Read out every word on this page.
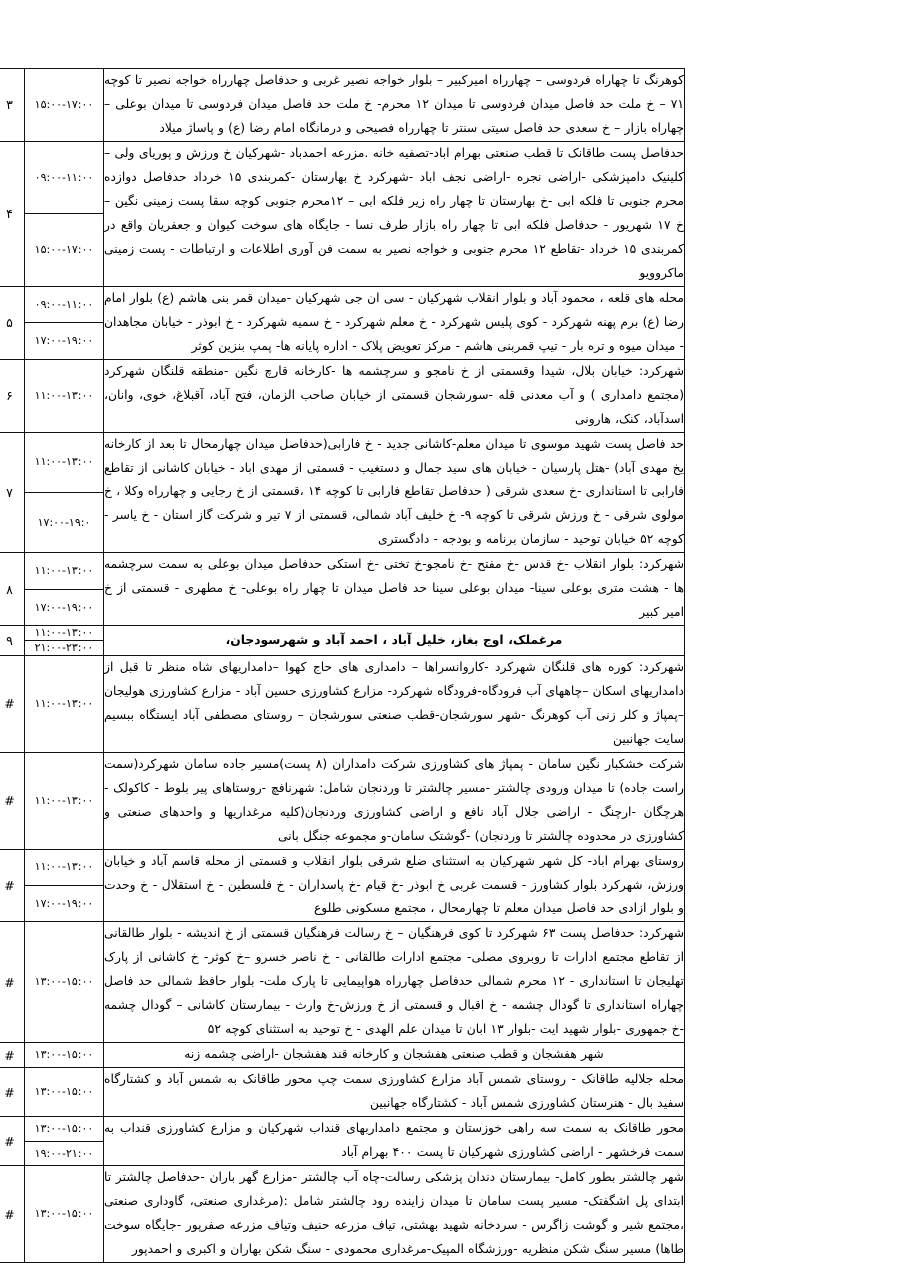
کوهرنگ تا چهاراه فردوسی – چهارراه امیرکبیر – بلوار خواجه نصیر غربی و حدفاصل چهارراه خواجه نصیر تا کوچه ۷۱ – خ ملت حد فاصل میدان فردوسی تا میدان ۱۲ محرم- خ ملت حد فاصل میدان فردوسی تا میدان بوعلی – چهاراه بازار – خ سعدی حد فاصل سیتی سنتر تا چهارراه فصیحی و درمانگاه امام رضا (ع) و پاساژ میلاد	۱۵:۰۰-۱۷:۰۰	۳
حدفاصل پست طاقانک تا قطب صنعتی بهرام اباد-تصفیه خانه .مزرعه احمدباد -شهرکیان خ ورزش و پوریای ولی – کلینیک دامپزشکی -اراضی نجره -اراضی نجف اباد -شهرکرد خ بهارستان -کمربندی ۱۵ خرداد حدفاصل دوازده محرم جنوبی تا فلکه ابی -خ بهارستان تا چهار راه زیر فلکه ابی – ۱۲محرم جنوبی کوچه سقا پست زمینی نگین – خ ۱۷ شهریور - حدفاصل فلکه ابی تا چهار راه بازار طرف نسا - جایگاه های سوخت کیوان و جعفریان واقع در کمربندی ۱۵ خرداد -تقاطع ۱۲ محرم جنوبی و خواجه نصیر به سمت فن آوری اطلاعات و ارتباطات - پست زمینی ماکروویو	۰۹:۰۰-۱۱:۰۰	۴
	۱۵:۰۰-۱۷:۰۰	
محله های قلعه ، محمود آباد و بلوار انقلاب شهرکیان - سی ان جی شهرکیان -میدان قمر بنی هاشم (ع) بلوار امام رضا (ع) برم پهنه شهرکرد - کوی پلیس شهرکرد - خ معلم شهرکرد - خ سمیه شهرکرد - خ ابوذر - خیابان مجاهدان - میدان میوه و تره بار - تیپ قمربنی هاشم - مرکز تعویض پلاک - اداره پایانه ها- پمپ بنزین کوثر	۰۹:۰۰-۱۱:۰۰	۵
	۱۷:۰۰-۱۹:۰۰	
شهرکرد: خیابان بلال، شیدا وقسمتی از خ نامجو و سرچشمه ها -کارخانه قارچ نگین -منطقه قلنگان شهرکرد (مجتمع دامداری ) و آب معدنی قله -سورشجان قسمتی از خیابان صاحب الزمان، فتح آباد، آقبلاغ، خوی، وانان، اسدآباد، کنک، هارونی	۱۱:۰۰-۱۳:۰۰	۶
حد فاصل پست شهید موسوی تا میدان معلم-کاشانی جدید - خ فارابی(حدفاصل میدان چهارمحال تا بعد از کارخانه یخ مهدی آباد) -هتل پارسیان - خیابان های سید جمال و دستغیب - قسمتی از مهدی اباد - خیابان کاشانی از تقاطع فارابی تا استانداری -خ سعدی شرقی ( حدفاصل تقاطع فارابی تا کوچه ۱۴ ،قسمتی از خ رجایی و چهارراه وکلا ، خ مولوی شرقی - خ ورزش شرقی تا کوچه ۹- خ خلیف آباد شمالی، قسمتی از ۷ تیر و شرکت گاز استان - خ یاسر - کوچه ۵۲ خیابان توحید - سازمان برنامه و بودجه - دادگستری	۱۱:۰۰-۱۳:۰۰	۷
	۱۷:۰۰-۱۹:۰	
شهرکرد: بلوار انقلاب -خ قدس -خ مفتح -خ نامجو-خ تختی -خ استکی حدفاصل میدان بوعلی به سمت سرچشمه ها - هشت متری بوعلی سینا- میدان بوعلی سینا حد فاصل میدان تا چهار راه بوعلی- خ مطهری - قسمتی از خ امیر کبیر	۱۱:۰۰-۱۳:۰۰	۸
	۱۷:۰۰-۱۹:۰۰	
مرغملک، اوج بغاز، خلیل آباد ، احمد آباد و شهرسودجان،	۱۱:۰۰-۱۳:۰۰	۹
	۲۱:۰۰-۲۳:۰۰	
شهرکرد: کوره های قلنگان شهرکرد -کاروانسراها – دامداری های حاج کهوا –دامداریهای شاه منظر تا قبل از دامداریهای اسکان –چاههای آب فرودگاه-فرودگاه شهرکرد- مزارع کشاورزی حسین آباد - مزارع کشاورزی هولیجان –پمپاژ و کلر زنی آب کوهرنگ -شهر سورشجان-قطب صنعتی سورشجان – روستای مصطفی آباد ایستگاه ببسیم سایت جهانبین	۱۱:۰۰-۱۳:۰۰	#
شرکت خشکبار نگین سامان - پمپاژ های کشاورزی شرکت دامداران (۸ پست)مسیر جاده سامان شهرکرد(سمت راست جاده) تا میدان ورودی چالشتر -مسیر چالشتر تا وردنجان شامل: شهرنافچ -روستاهای پیر بلوط - کاکولک - هرچگان -ارچنگ - اراضی جلال آباد نافع و اراضی کشاورزی وردنجان(کلیه مرغداریها و واحدهای صنعتی و کشاورزی در محدوده چالشتر تا وردنجان) -گوشتک سامان-و مجموعه جنگل بانی	۱۱:۰۰-۱۳:۰۰	#
روستای بهرام اباد- کل شهر شهرکیان به استثنای ضلع شرقی بلوار انقلاب و قسمتی از محله قاسم آباد و خیابان ورزش، شهرکرد بلوار کشاورز - قسمت غربی خ ابوذر -خ قیام -خ پاسداران - خ فلسطین - خ استقلال - خ وحدت و بلوار ازادی حد فاصل میدان معلم تا چهارمحال ، مجتمع مسکونی طلوع	۱۱:۰۰-۱۳:۰۰	#
	۱۷:۰۰-۱۹:۰۰	
شهرکرد: حدفاصل پست ۶۳ شهرکرد تا کوی فرهنگیان – خ رسالت فرهنگیان قسمتی از خ اندیشه - بلوار طالقانی از تقاطع مجتمع ادارات تا روبروی مصلی- مجتمع ادارات طالقانی - خ ناصر خسرو –خ کوثر- خ کاشانی از پارک تهلیجان تا استانداری - ۱۲ محرم شمالی حدفاصل چهارراه هواپیمایی تا پارک ملت- بلوار حافظ شمالی حد فاصل چهاراه استانداری تا گودال چشمه - خ اقبال و قسمتی از خ ورزش-خ وارث - بیمارستان کاشانی – گودال چشمه -خ جمهوری -بلوار شهید ایت -بلوار ۱۳ ابان تا میدان علم الهدی - خ توحید به استثنای کوچه ۵۲	۱۳:۰۰-۱۵:۰۰	#
شهر هفشجان و قطب صنعتی هفشجان و کارخانه قند هفشجان -اراضی چشمه زنه	۱۳:۰۰-۱۵:۰۰	#
محله جلالیه طاقانک - روستای شمس آباد مزارع کشاورزی سمت چپ محور طاقانک به شمس آباد و کشتارگاه سفید بال - هنرستان کشاورزی شمس آباد - کشتارگاه جهانبین	۱۳:۰۰-۱۵:۰۰	#
محور طاقانک به سمت سه راهی خوزستان و مجتمع دامداربهای قنداب شهرکیان و مزارع کشاورزی قنداب به سمت فرخشهر - اراضی کشاورزی شهرکیان تا پست ۴۰۰ بهرام آباد	۱۳:۰۰-۱۵:۰۰	#
	۱۹:۰۰-۲۱:۰۰	
شهر چالشتر بطور کامل- بیمارستان دندان پزشکی رسالت-چاه آب چالشتر -مزارع گهر باران -حدفاصل چالشتر تا ابتدای پل اشگفتک- مسیر پست سامان تا میدان زاینده رود چالشتر شامل :(مرغداری صنعتی، گاوداری صنعتی ،مجتمع شیر و گوشت زاگرس - سردخانه شهید بهشتی، تیاف مزرعه حنیف وتیاف مزرعه صفرپور -جایگاه سوخت طاها) مسیر سنگ شکن منظریه -ورزشگاه المپیک-مرغداری محمودی - سنگ شکن بهاران و اکبری و احمدپور	۱۳:۰۰-۱۵:۰۰	#
